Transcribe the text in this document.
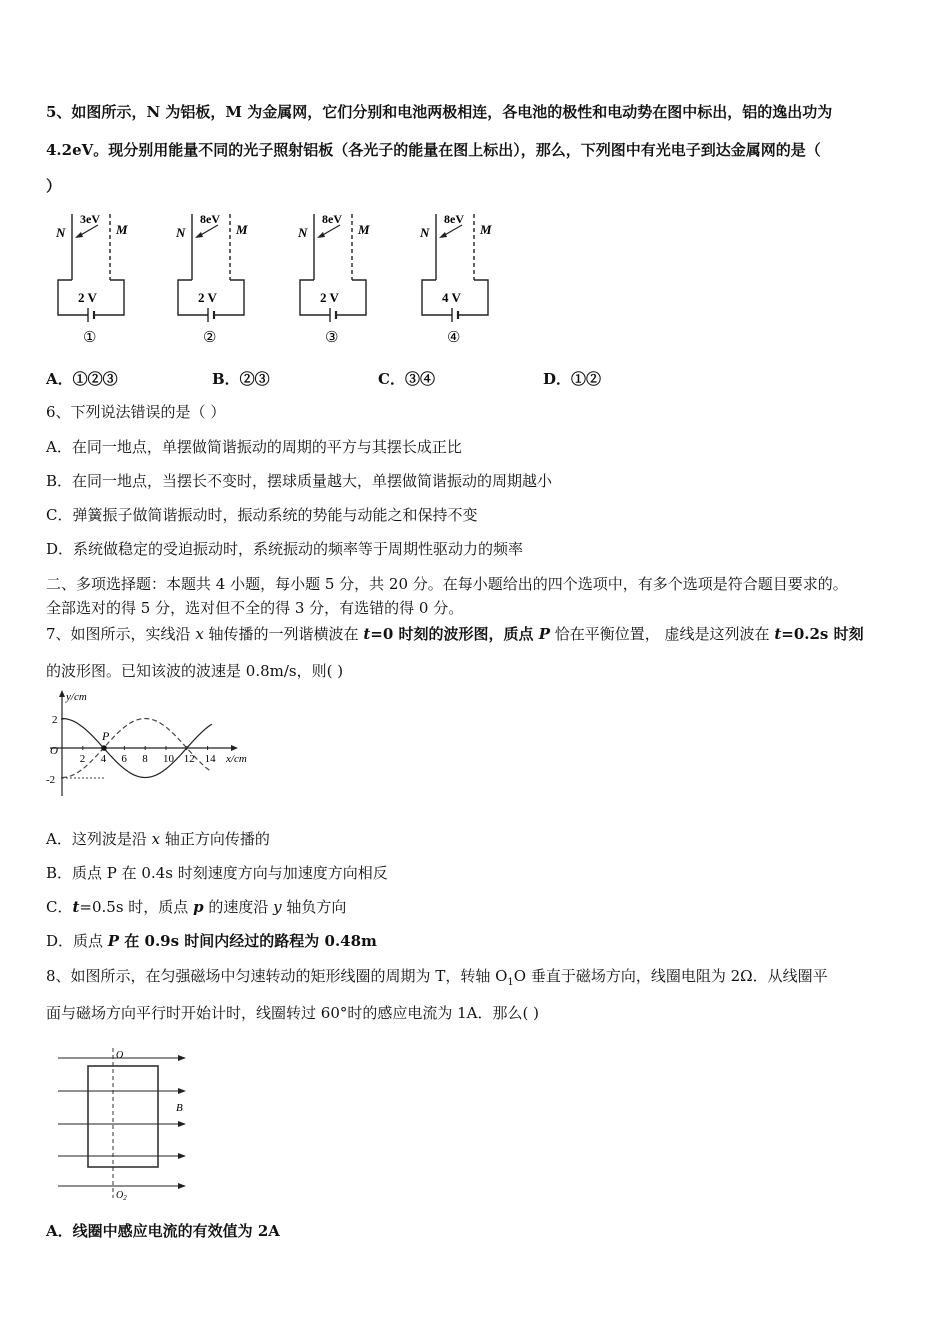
5、如图所示，N 为铝板，M 为金属网，它们分别和电池两极相连，各电池的极性和电动势在图中标出，铝的逸出功为
4.2eV。现分别用能量不同的光子照射铝板（各光子的能量在图上标出），那么，下列图中有光电子到达金属网的是（
）
N	M
2 V
3eV
①
N	M
2 V
8eV
②
N	M
2 V
8eV
③
N	M
4 V
8eV
④
A．①②③	B．②③	C．③④	D．①②
6、下列说法错误的是（ ）
A．在同一地点，单摆做简谐振动的周期的平方与其摆长成正比
B．在同一地点，当摆长不变时，摆球质量越大，单摆做简谐振动的周期越小
C．弹簧振子做简谐振动时，振动系统的势能与动能之和保持不变
D．系统做稳定的受迫振动时，系统振动的频率等于周期性驱动力的频率
二、多项选择题：本题共 4 小题，每小题 5 分，共 20 分。在每小题给出的四个选项中，有多个选项是符合题目要求的。
全部选对的得 5 分，选对但不全的得 3 分，有选错的得 0 分。
7、如图所示，实线沿 x 轴传播的一列谐横波在 t=0 时刻的波形图，质点 P 恰在平衡位置， 虚线是这列波在 t=0.2s 时刻
的波形图。已知该波的波速是 0.8m/s，则( )
y/cm
x/cm
O
2
-2
2 4 6 8 10 12 14
P
A．这列波是沿 x 轴正方向传播的
B．质点 P 在 0.4s 时刻速度方向与加速度方向相反
C．t=0.5s 时，质点 p 的速度沿 y 轴负方向
D．质点 P 在 0.9s 时间内经过的路程为 0.48m
8、如图所示，在匀强磁场中匀速转动的矩形线圈的周期为 T，转轴 $O_1O$ 垂直于磁场方向，线圈电阻为 2Ω．从线圈平
面与磁场方向平行时开始计时，线圈转过 60°时的感应电流为 1A．那么( )
O
$O_2$
B
A．线圈中感应电流的有效值为 2A
